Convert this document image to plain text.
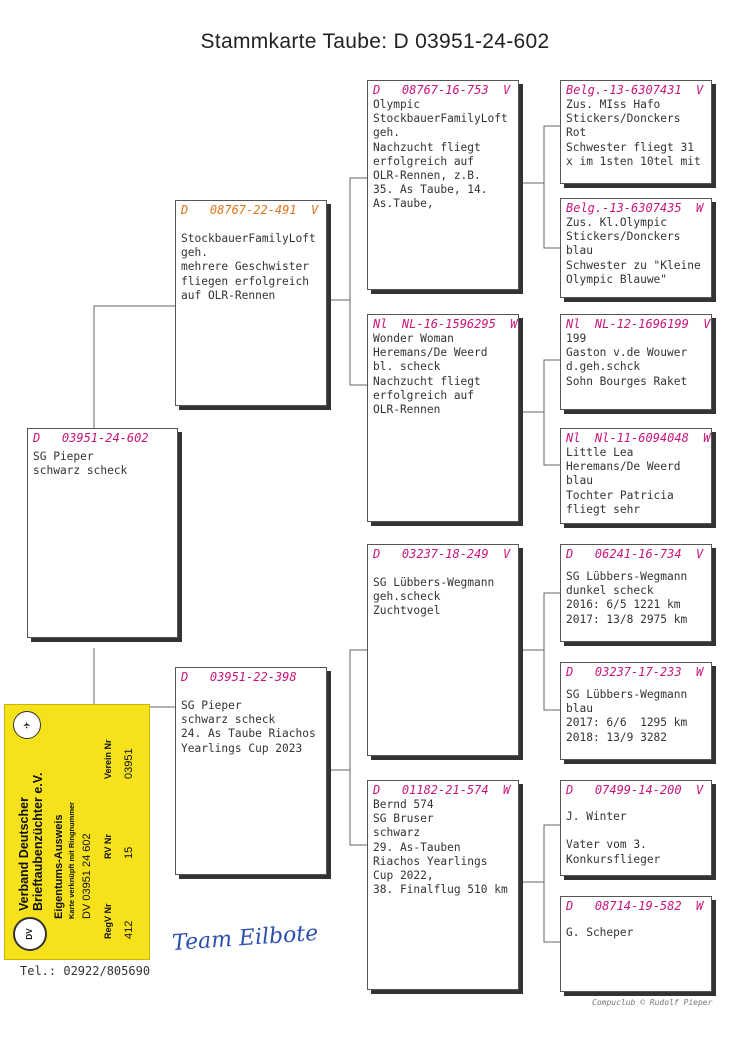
Stammkarte Taube: D 03951-24-602
D   03951-24-602
SG Pieper
schwarz scheck
D   08767-22-491  V
StockbauerFamilyLoft
geh.
mehrere Geschwister
fliegen erfolgreich
auf OLR-Rennen
D   03951-22-398
SG Pieper
schwarz scheck
24. As Taube Riachos
Yearlings Cup 2023
D   08767-16-753  V
Olympic
StockbauerFamilyLoft
geh.
Nachzucht fliegt
erfolgreich auf
OLR-Rennen, z.B.
35. As Taube, 14.
As.Taube,
Nl  NL-16-1596295  W
Wonder Woman
Heremans/De Weerd
bl. scheck
Nachzucht fliegt
erfolgreich auf
OLR-Rennen
D   03237-18-249  V
SG Lübbers-Wegmann
geh.scheck
Zuchtvogel
D   01182-21-574  W
Bernd 574
SG Bruser
schwarz
29. As-Tauben
Riachos Yearlings
Cup 2022,
38. Finalflug 510 km
Belg.-13-6307431  V
Zus. MIss Hafo
Stickers/Donckers
Rot
Schwester fliegt 31
x im 1sten 10tel mit
Belg.-13-6307435  W
Zus. Kl.Olympic
Stickers/Donckers
blau
Schwester zu "Kleine
Olympic Blauwe"
Nl  NL-12-1696199  V
199
Gaston v.de Wouwer
d.geh.schck
Sohn Bourges Raket
Nl  Nl-11-6094048  W
Little Lea
Heremans/De Weerd
blau
Tochter Patricia
fliegt sehr
D   06241-16-734  V
SG Lübbers-Wegmann
dunkel scheck
2016: 6/5 1221 km
2017: 13/8 2975 km
D   03237-17-233  W
SG Lübbers-Wegmann
blau
2017: 6/6  1295 km
2018: 13/9 3282
D   07499-14-200  V
J. Winter

Vater vom 3.
Konkursflieger
D   08714-19-582  W
G. Scheper
DV
Verband Deutscher Brieftaubenzüchter e.V.
✈
Eigentums-Ausweis Karte verknüpft mit Ringnummer DV 03951 24 602
RegV Nr
RV Nr
Verein Nr
412
15
03951
Team Eilbote
Tel.: 02922/805690
Compuclub © Rudolf Pieper
